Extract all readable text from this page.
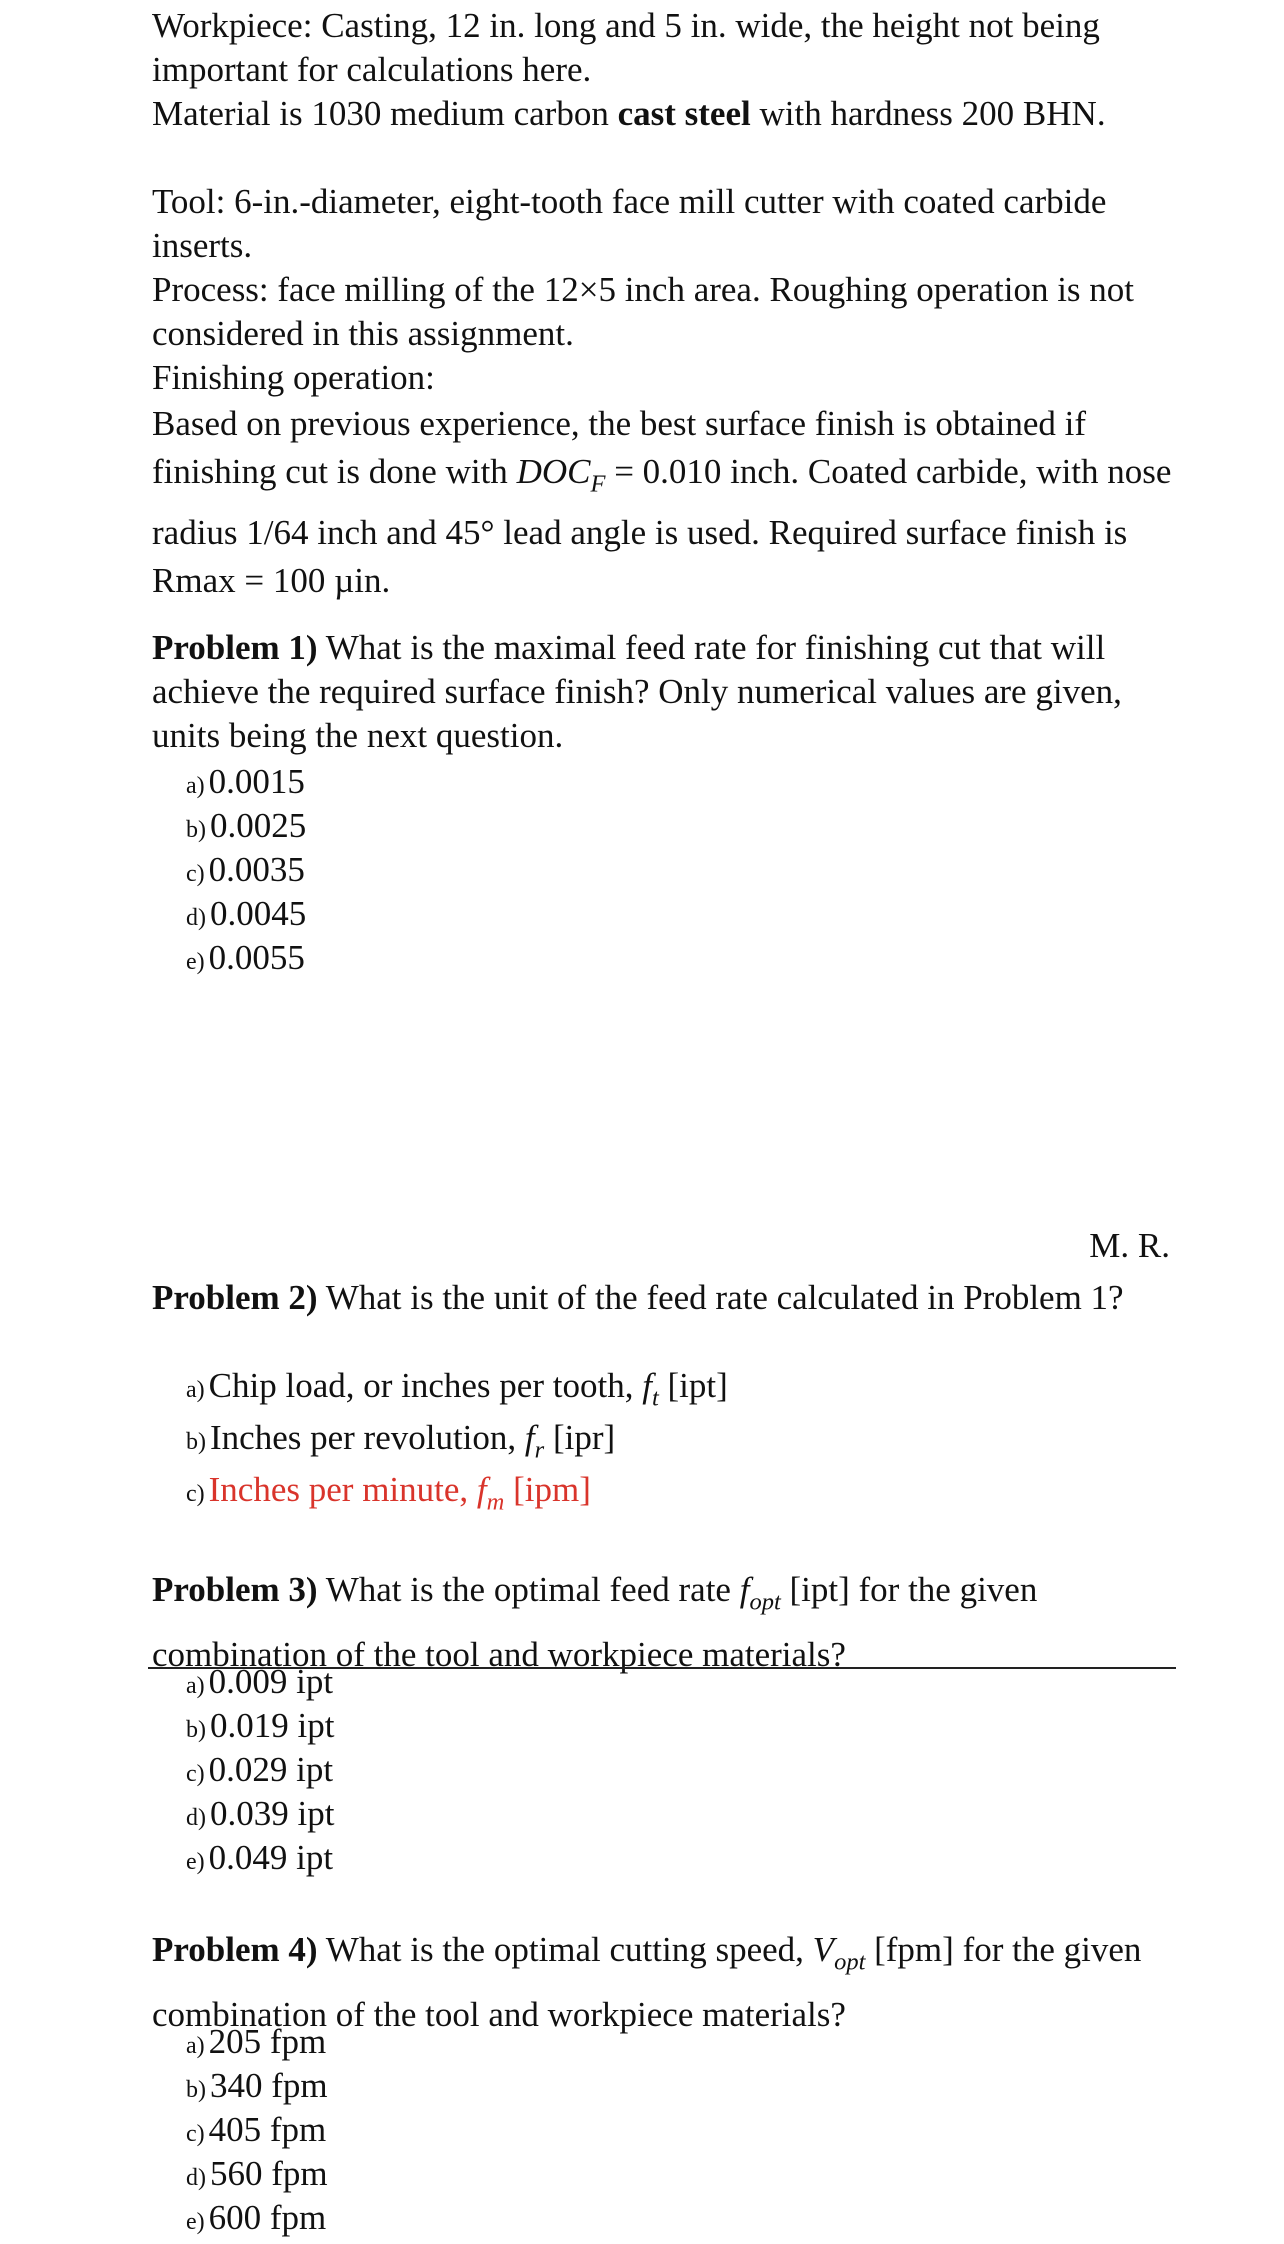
Workpiece: Casting, 12 in. long and 5 in. wide, the height not being important for calculations here.

Material is 1030 medium carbon cast steel with hardness 200 BHN.

Tool: 6-in.-diameter, eight-tooth face mill cutter with coated carbide inserts.

Process: face milling of the 12×5 inch area. Roughing operation is not considered in this assignment.

Finishing operation:

Based on previous experience, the best surface finish is obtained if finishing cut is done with $DOC_F = 0.010$ inch. Coated carbide, with nose radius 1/64 inch and 45° lead angle is used. Required surface finish is Rmax = 100 µin.

Problem 1) What is the maximal feed rate for finishing cut that will achieve the required surface finish? Only numerical values are given, units being the next question.

a) 0.0015
b) 0.0025
c) 0.0035
d) 0.0045
e) 0.0055
M. R.

Problem 2) What is the unit of the feed rate calculated in Problem 1?

a) Chip load, or inches per tooth, $f_t$ [ipt]
b) Inches per revolution, $f_r$ [ipr]
c) Inches per minute, $f_m$ [ipm]

Problem 3) What is the optimal feed rate $f_{opt}$ [ipt] for the given combination of the tool and workpiece materials?

a) 0.009 ipt
b) 0.019 ipt
c) 0.029 ipt
d) 0.039 ipt
e) 0.049 ipt

Problem 4) What is the optimal cutting speed, $V_{opt}$ [fpm] for the given combination of the tool and workpiece materials?

a) 205 fpm
b) 340 fpm
c) 405 fpm
d) 560 fpm
e) 600 fpm
